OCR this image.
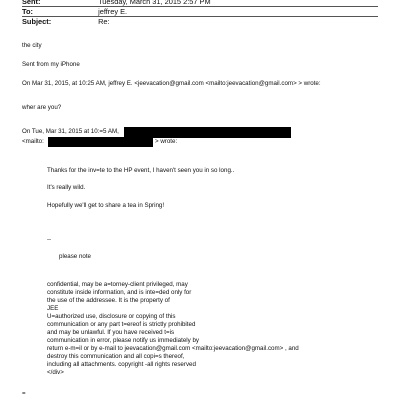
Sent:	Tuesday, March 31, 2015 2:57 PM
To:	jeffrey E.
Subject:	Re:
the city
Sent from my iPhone
On Mar 31, 2015, at 10:25 AM, jeffrey E. <jeevacation@gmail.com <mailto:jeevacation@gmail.com> > wrote:
wher are you?
On Tue, Mar 31, 2015 at 10:=5 AM,
<mailto:	> wrote:
Thanks for the inv=te to the HP event, I haven't seen you in so long..
It's really wild.
Hopefully we'll get to share a tea in Spring!
--
please note
confidential, may be a=torney-client privileged, may
constitute inside information, and is inte=ded only for
the use of the addressee. It is the property of
JEE
U=authorized use, disclosure or copying of this
communication or any part t=ereof is strictly prohibited
and may be unlawful. If you have received t=is
communication in error, please notify us immediately by
return e-m=il or by e-mail to jeevacation@gmail.com <mailto:jeevacation@gmail.com> , and
destroy this communication and all copi=s thereof,
including all attachments. copyright -all rights reserved
</div>
=
